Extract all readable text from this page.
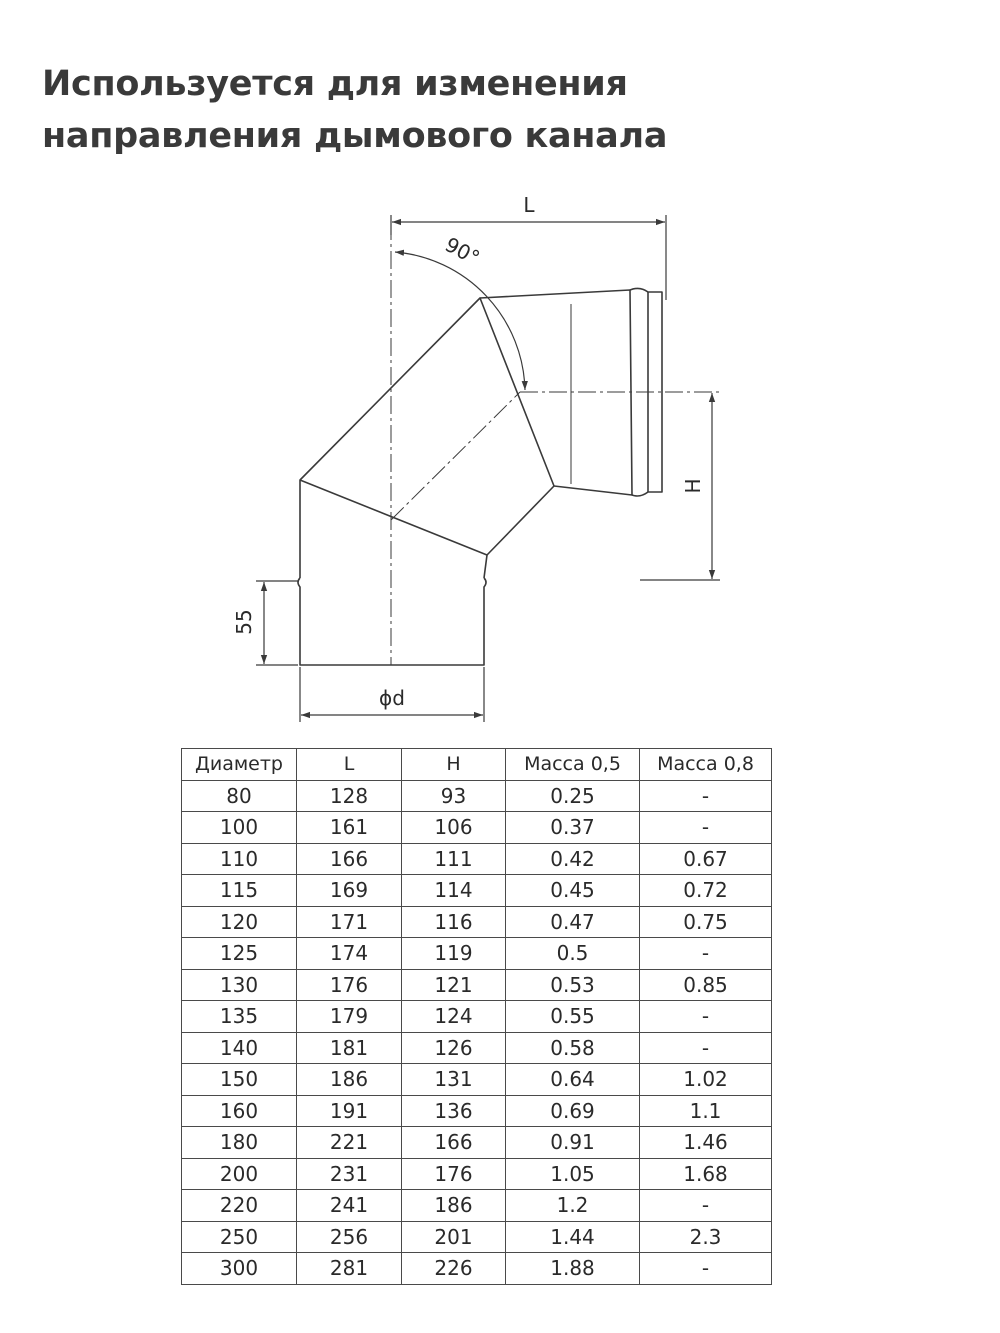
Используется для изменения
направления дымового канала
L
90°
H
55
ϕd
Диаметр	L	H	Масса 0,5	Масса 0,8
80	128	93	0.25	-
100	161	106	0.37	-
110	166	111	0.42	0.67
115	169	114	0.45	0.72
120	171	116	0.47	0.75
125	174	119	0.5	-
130	176	121	0.53	0.85
135	179	124	0.55	-
140	181	126	0.58	-
150	186	131	0.64	1.02
160	191	136	0.69	1.1
180	221	166	0.91	1.46
200	231	176	1.05	1.68
220	241	186	1.2	-
250	256	201	1.44	2.3
300	281	226	1.88	-
